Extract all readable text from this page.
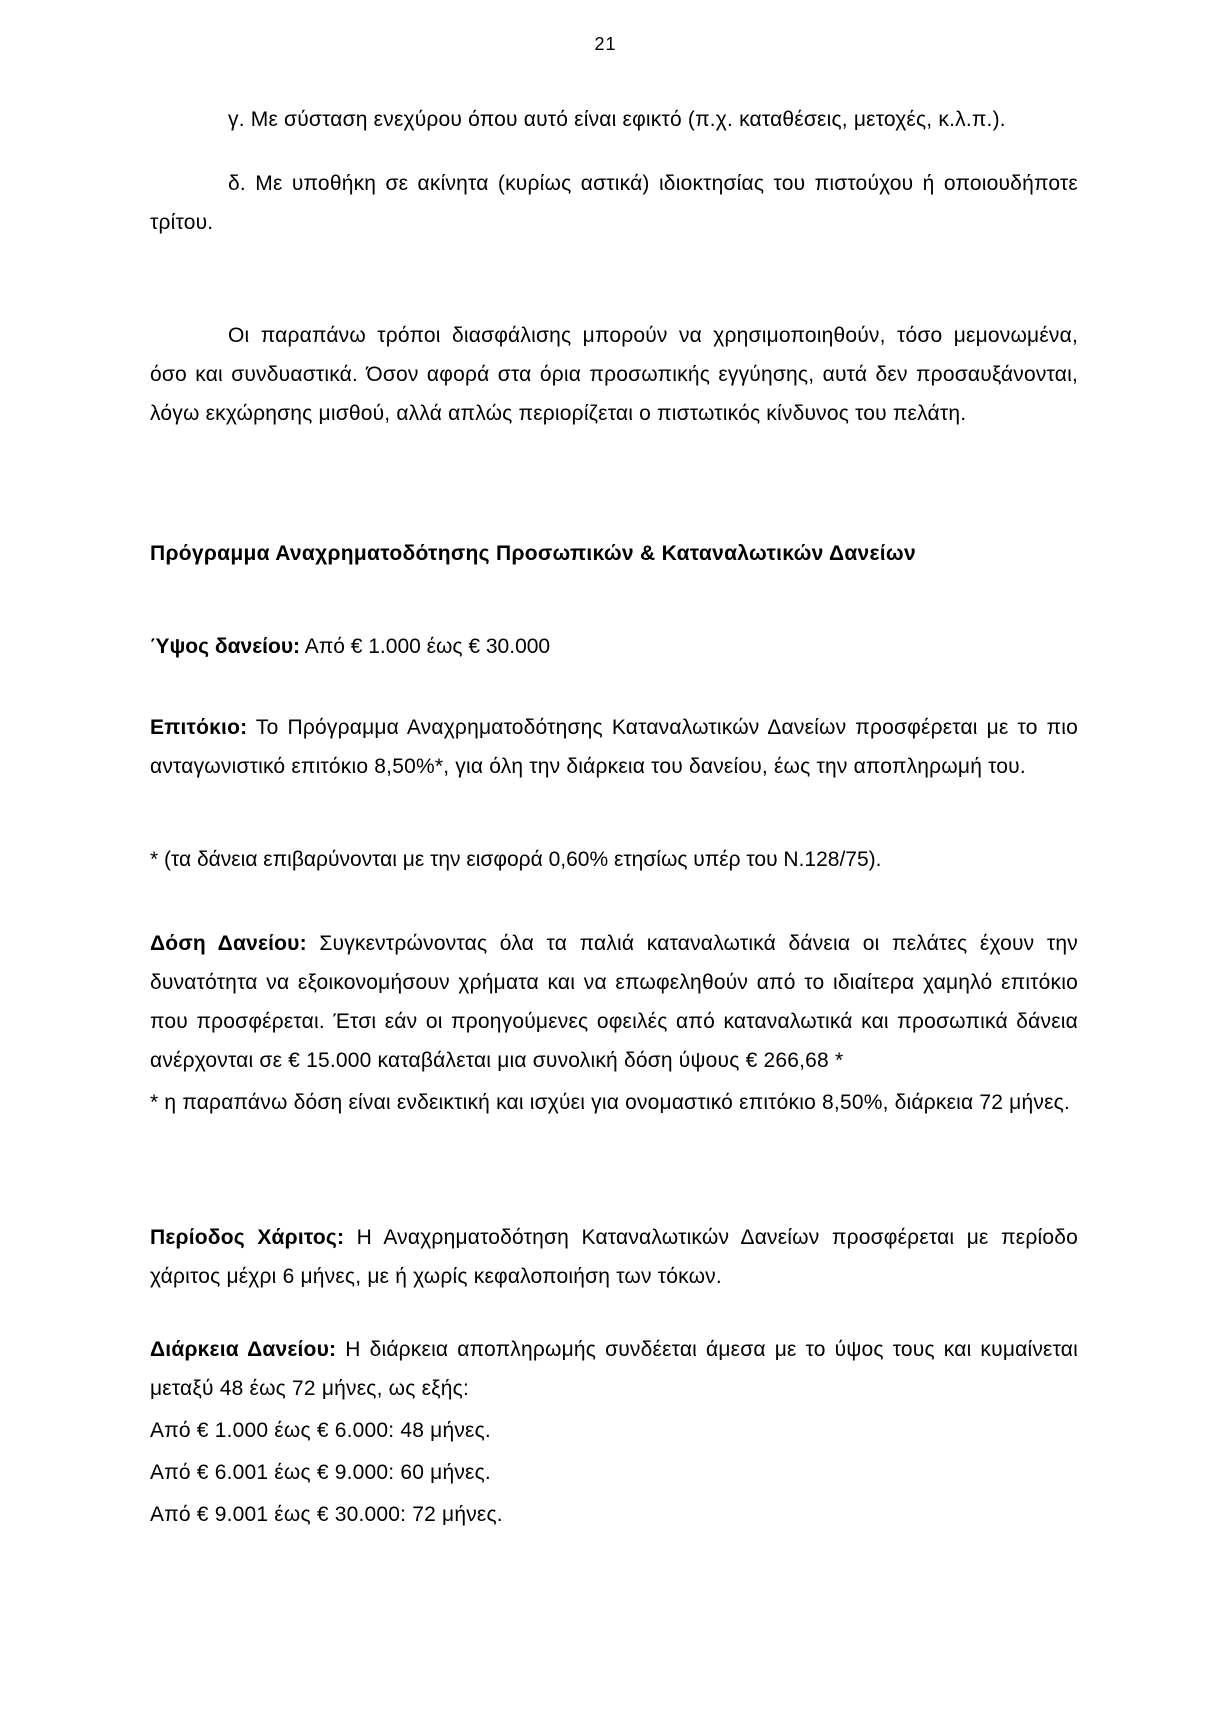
21

γ. Με σύσταση ενεχύρου όπου αυτό είναι εφικτό (π.χ. καταθέσεις, μετοχές, κ.λ.π.).

δ. Με υποθήκη σε ακίνητα (κυρίως αστικά) ιδιοκτησίας του πιστούχου ή οποιουδήποτε τρίτου.

Οι παραπάνω τρόποι διασφάλισης μπορούν να χρησιμοποιηθούν, τόσο μεμονωμένα, όσο και συνδυαστικά. Όσον αφορά στα όρια προσωπικής εγγύησης, αυτά δεν προσαυξάνονται, λόγω εκχώρησης μισθού, αλλά απλώς περιορίζεται ο πιστωτικός κίνδυνος του πελάτη.

Πρόγραμμα Αναχρηματοδότησης Προσωπικών & Καταναλωτικών Δανείων
Ύψος δανείου: Από € 1.000 έως € 30.000

Επιτόκιο: Το Πρόγραμμα Αναχρηματοδότησης Καταναλωτικών Δανείων προσφέρεται με το πιο ανταγωνιστικό επιτόκιο 8,50%*, για όλη την διάρκεια του δανείου, έως την αποπληρωμή του.

* (τα δάνεια επιβαρύνονται με την εισφορά 0,60% ετησίως υπέρ του Ν.128/75).

Δόση Δανείου: Συγκεντρώνοντας όλα τα παλιά καταναλωτικά δάνεια οι πελάτες έχουν την δυνατότητα να εξοικονομήσουν χρήματα και να επωφεληθούν από το ιδιαίτερα χαμηλό επιτόκιο που προσφέρεται. Έτσι εάν οι προηγούμενες οφειλές από καταναλωτικά και προσωπικά δάνεια ανέρχονται σε € 15.000 καταβάλεται μια συνολική δόση ύψους € 266,68 *

* η παραπάνω δόση είναι ενδεικτική και ισχύει για ονομαστικό επιτόκιο 8,50%, διάρκεια 72 μήνες.

Περίοδος Χάριτος: Η Αναχρηματοδότηση Καταναλωτικών Δανείων προσφέρεται με περίοδο χάριτος μέχρι 6 μήνες, με ή χωρίς κεφαλοποιήση των τόκων.

Διάρκεια Δανείου: Η διάρκεια αποπληρωμής συνδέεται άμεσα με το ύψος τους και κυμαίνεται μεταξύ 48 έως 72 μήνες, ως εξής:

Από € 1.000 έως € 6.000: 48 μήνες.

Από € 6.001 έως € 9.000: 60 μήνες.

Από € 9.001 έως € 30.000: 72 μήνες.
